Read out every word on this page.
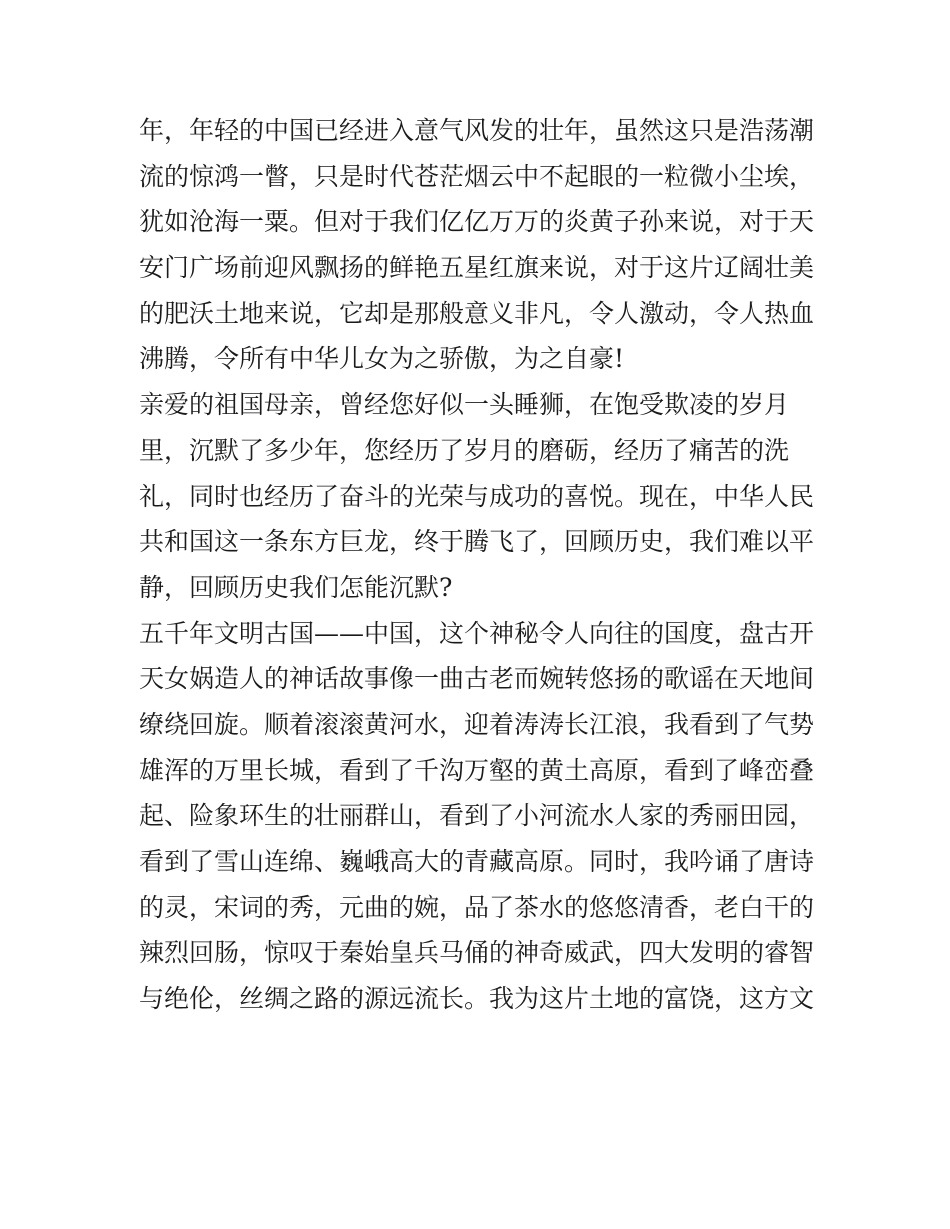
年，年轻的中国已经进入意气风发的壮年，虽然这只是浩荡潮
流的惊鸿一瞥，只是时代苍茫烟云中不起眼的一粒微小尘埃，
犹如沧海一粟。但对于我们亿亿万万的炎黄子孙来说，对于天
安门广场前迎风飘扬的鲜艳五星红旗来说，对于这片辽阔壮美
的肥沃土地来说，它却是那般意义非凡，令人激动，令人热血
沸腾，令所有中华儿女为之骄傲，为之自豪!
亲爱的祖国母亲，曾经您好似一头睡狮，在饱受欺凌的岁月
里，沉默了多少年，您经历了岁月的磨砺，经历了痛苦的洗
礼，同时也经历了奋斗的光荣与成功的喜悦。现在，中华人民
共和国这一条东方巨龙，终于腾飞了，回顾历史，我们难以平
静，回顾历史我们怎能沉默?
五千年文明古国——中国，这个神秘令人向往的国度，盘古开
天女娲造人的神话故事像一曲古老而婉转悠扬的歌谣在天地间
缭绕回旋。顺着滚滚黄河水，迎着涛涛长江浪，我看到了气势
雄浑的万里长城，看到了千沟万壑的黄土高原，看到了峰峦叠
起、险象环生的壮丽群山，看到了小河流水人家的秀丽田园，
看到了雪山连绵、巍峨高大的青藏高原。同时，我吟诵了唐诗
的灵，宋词的秀，元曲的婉，品了茶水的悠悠清香，老白干的
辣烈回肠，惊叹于秦始皇兵马俑的神奇威武，四大发明的睿智
与绝伦，丝绸之路的源远流长。我为这片土地的富饶，这方文
